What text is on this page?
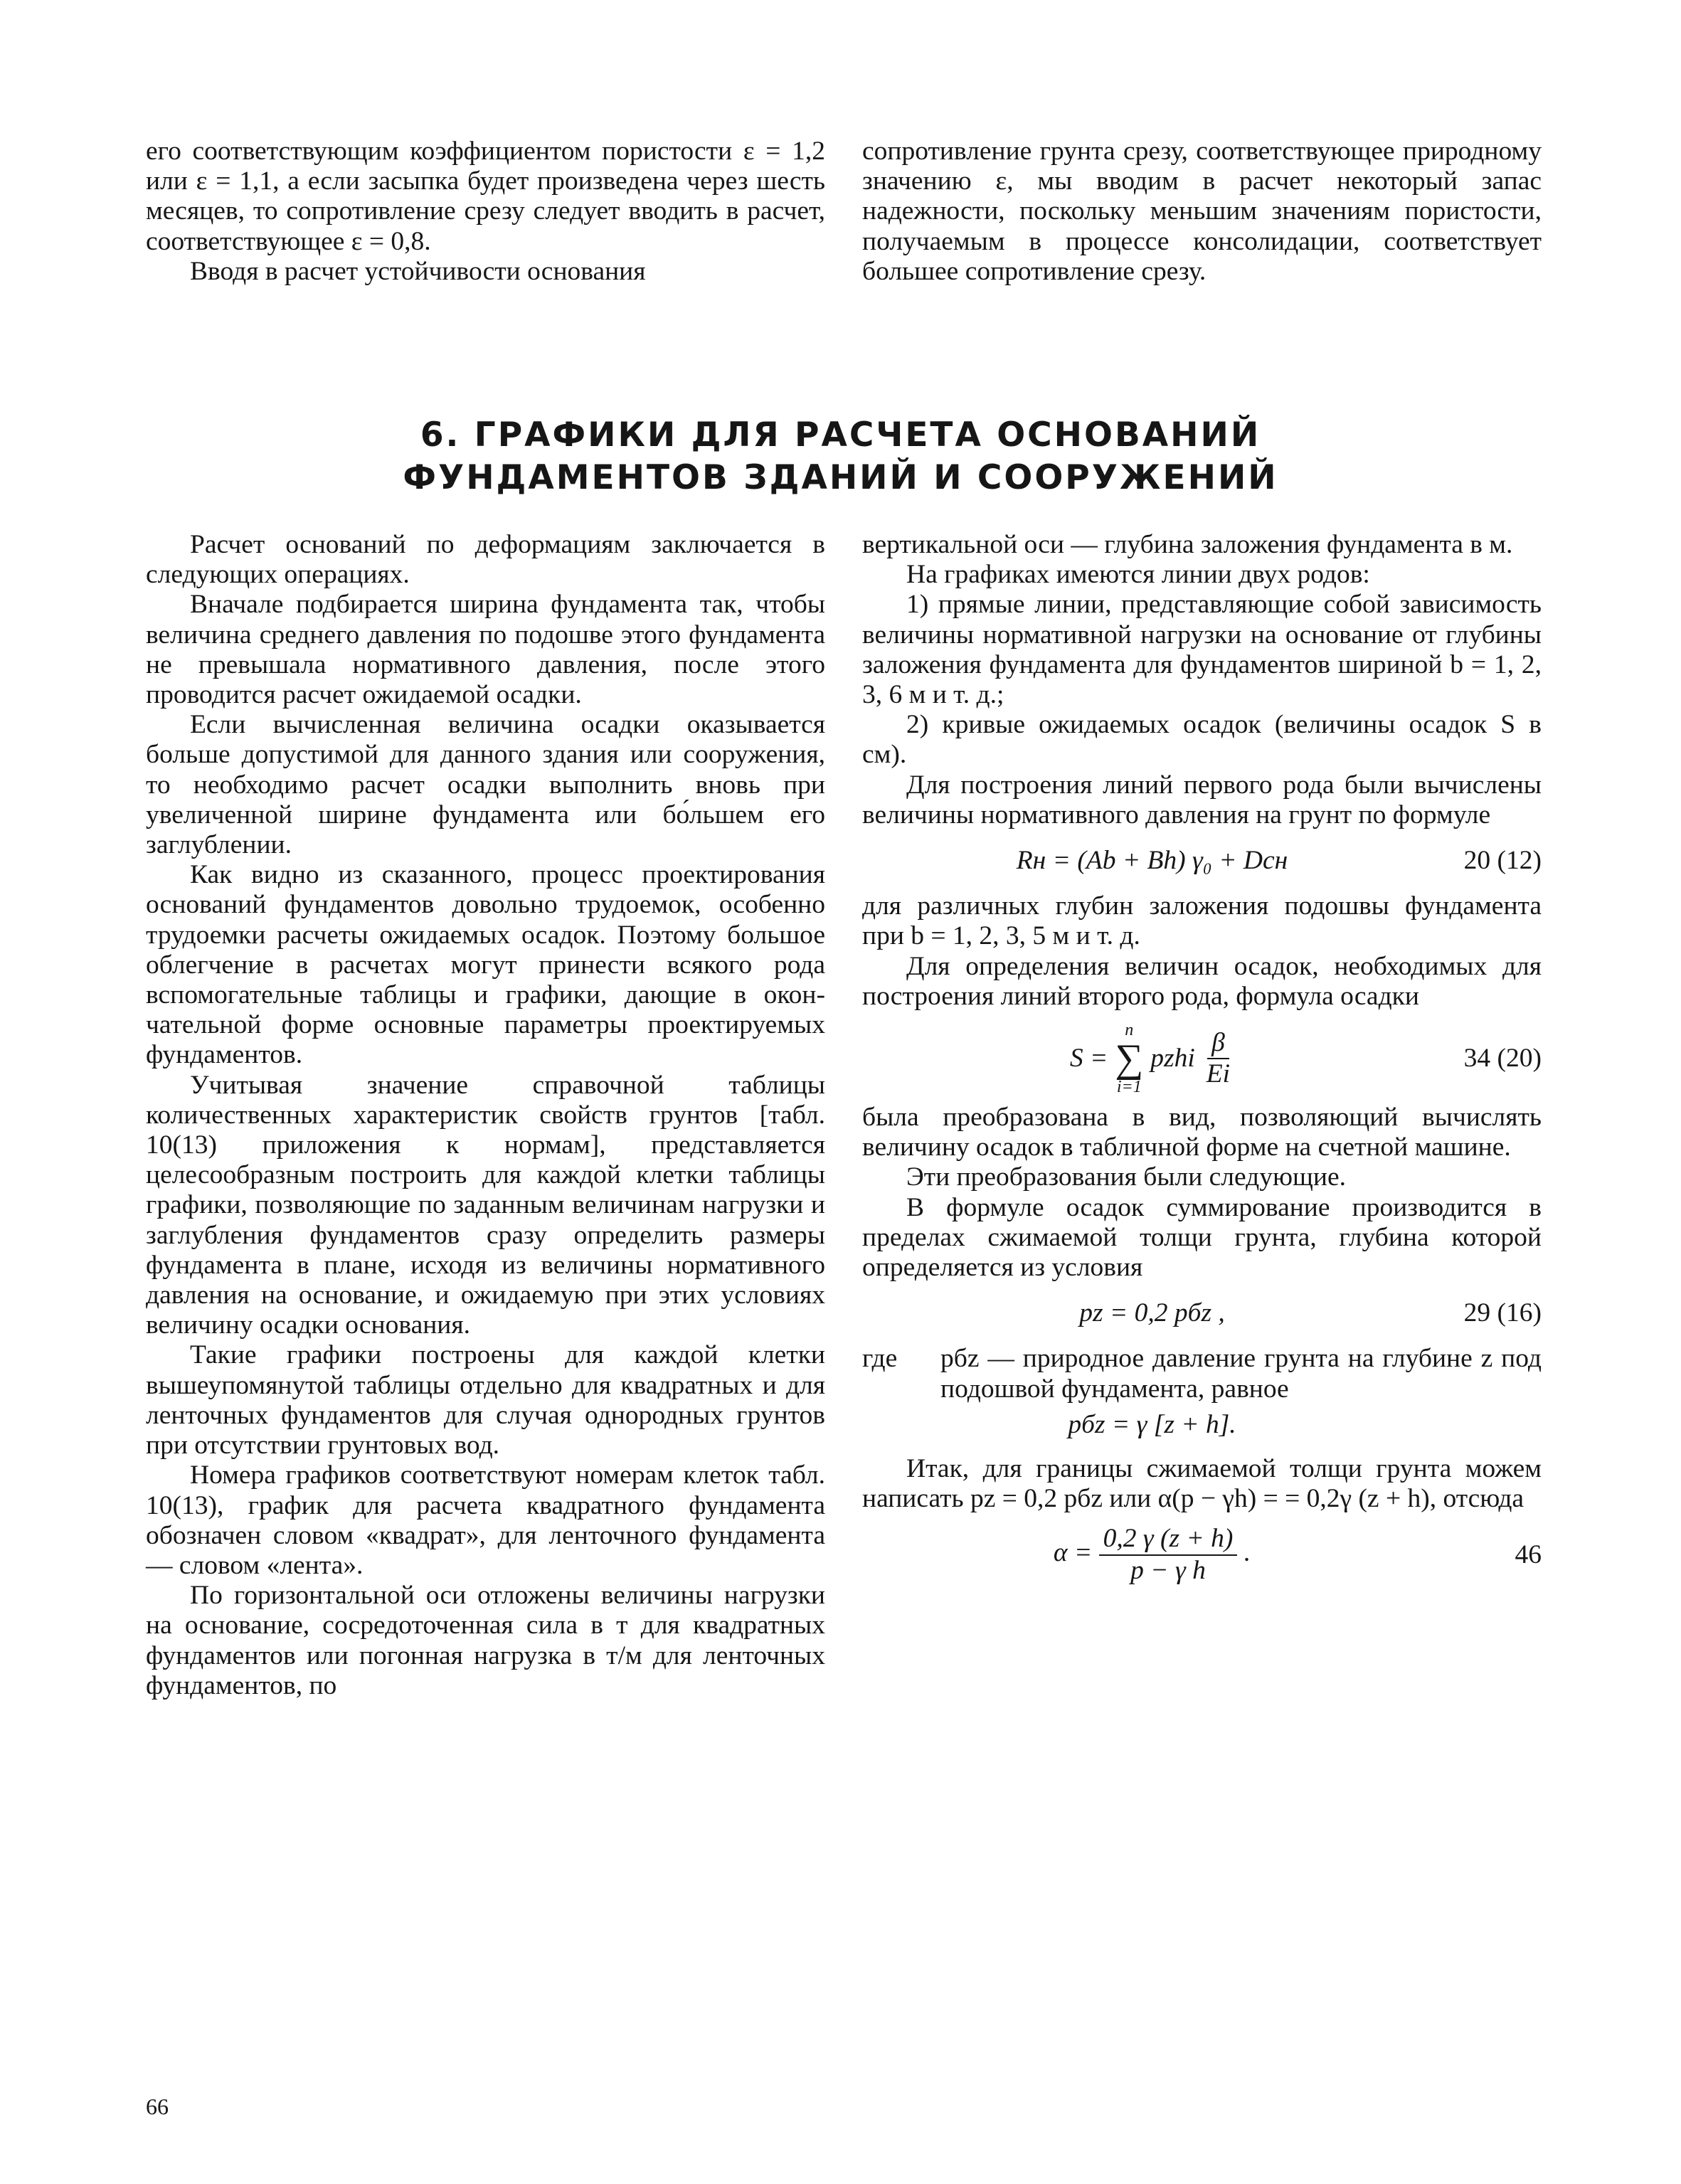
его соответствующим коэффициентом пористости ε = 1,2 или ε = 1,1, а если засыпка будет произведена через шесть месяцев, то сопротивление срезу следует вводить в расчет, соответствующее ε = 0,8.

Вводя в расчет устойчивости основания

сопротивление грунта срезу, соответствующее природному значению ε, мы вводим в расчет некоторый запас надежности, поскольку меньшим значениям пористости, получаемым в процессе консолидации, соответствует большее сопротивление срезу.

6. ГРАФИКИ ДЛЯ РАСЧЕТА ОСНОВАНИЙ
ФУНДАМЕНТОВ ЗДАНИЙ И СООРУЖЕНИЙ

Расчет оснований по деформациям заключается в следующих операциях.

Вначале подбирается ширина фундамента так, чтобы величина среднего давления по подошве этого фундамента не превышала нормативного давления, после этого проводится расчет ожидаемой осадки.

Если вычисленная величина осадки оказывается больше допустимой для данного здания или сооружения, то необходимо расчет осадки выполнить вновь при увеличенной ширине фундамента или бо́льшем его заглублении.

Как видно из сказанного, процесс проектирования оснований фундаментов довольно трудоемок, особенно трудоемки расчеты ожидаемых осадок. Поэтому большое облегчение в расчетах могут принести всякого рода вспомогательные таблицы и графики, дающие в окончательной форме основные параметры проектируемых фундаментов.

Учитывая значение справочной таблицы количественных характеристик свойств грунтов [табл. 10(13) приложения к нормам], представляется целесообразным построить для каждой клетки таблицы графики, позволяющие по заданным величинам нагрузки и заглубления фундаментов сразу определить размеры фундамента в плане, исходя из величины нормативного давления на основание, и ожидаемую при этих условиях величину осадки основания.

Такие графики построены для каждой клетки вышеупомянутой таблицы отдельно для квадратных и для ленточных фундаментов для случая однородных грунтов при отсутствии грунтовых вод.

Номера графиков соответствуют номерам клеток табл. 10(13), график для расчета квадратного фундамента обозначен словом «квадрат», для ленточного фундамента — словом «лента».

По горизонтальной оси отложены величины нагрузки на основание, сосредоточенная сила в т для квадратных фундаментов или погонная нагрузка в т/м для ленточных фундаментов, по

вертикальной оси — глубина заложения фундамента в м.

На графиках имеются линии двух родов:

1) прямые линии, представляющие собой зависимость величины нормативной нагрузки на основание от глубины заложения фундамента для фундаментов шириной b = 1, 2, 3, 6 м и т. д.;

2) кривые ожидаемых осадок (величины осадок S в см).

Для построения линий первого рода были вычислены величины нормативного давления на грунт по формуле

Rн = (Ab + Bh) γ₀ + Dcн	20 (12)

для различных глубин заложения подошвы фундамента при b = 1, 2, 3, 5 м и т. д.

Для определения величин осадок, необходимых для построения линий второго рода, формула осадки

S =
n
∑
i=1
pzhi $\frac{\beta}{Ei}$	34 (20)

была преобразована в вид, позволяющий вычислять величину осадок в табличной форме на счетной машине.

Эти преобразования были следующие.

В формуле осадок суммирование производится в пределах сжимаемой толщи грунта, глубина которой определяется из условия

pz = 0,2 pбz ,	29 (16)
где	pбz — природное давление грунта на глубине z под подошвой фундамента, равное
pбz = γ [z + h].

Итак, для границы сжимаемой толщи грунта можем написать pz = 0,2 pбz или α(p − γh) = = 0,2γ (z + h), отсюда

$\alpha = \frac{0,2 \gamma (z + h)}{\text{p − γ h}}$ .	46
66
